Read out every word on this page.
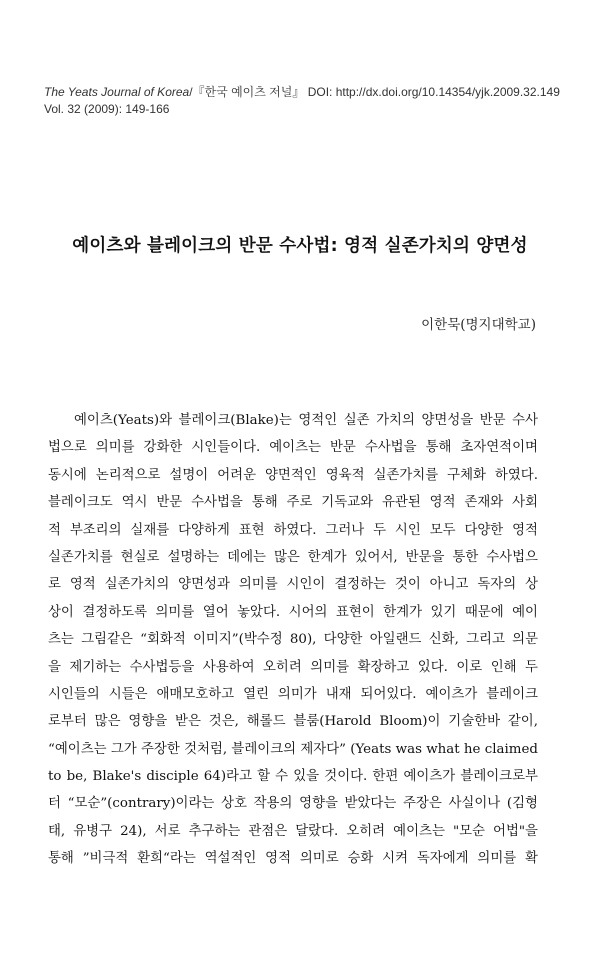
The Yeats Journal of Korea/『한국 예이츠 저널』 DOI: http://dx.doi.org/10.14354/yjk.2009.32.149
Vol. 32 (2009): 149-166
예이츠와 블레이크의 반문 수사법: 영적 실존가치의 양면성
이한묵(명지대학교)
예이츠(Yeats)와 블레이크(Blake)는 영적인 실존 가치의 양면성을 반문 수사
법으로 의미를 강화한 시인들이다. 예이츠는 반문 수사법을 통해 초자연적이며
동시에 논리적으로 설명이 어려운 양면적인 영육적 실존가치를 구체화 하였다.
블레이크도 역시 반문 수사법을 통해 주로 기독교와 유관된 영적 존재와 사회
적 부조리의 실재를 다양하게 표현 하였다. 그러나 두 시인 모두 다양한 영적
실존가치를 현실로 설명하는 데에는 많은 한계가 있어서, 반문을 통한 수사법으
로 영적 실존가치의 양면성과 의미를 시인이 결정하는 것이 아니고 독자의 상
상이 결정하도록 의미를 열어 놓았다. 시어의 표현이 한계가 있기 때문에 예이
츠는 그림같은 “회화적 이미지”(박수정 80), 다양한 아일랜드 신화, 그리고 의문
을 제기하는 수사법등을 사용하여 오히려 의미를 확장하고 있다. 이로 인해 두
시인들의 시들은 애매모호하고 열린 의미가 내재 되어있다. 예이츠가 블레이크
로부터 많은 영향을 받은 것은, 해롤드 블룸(Harold Bloom)이 기술한바 같이,
“예이츠는 그가 주장한 것처럼, 블레이크의 제자다” (Yeats was what he claimed
to be, Blake's disciple 64)라고 할 수 있을 것이다. 한편 예이츠가 블레이크로부
터 “모순”(contrary)이라는 상호 작용의 영향을 받았다는 주장은 사실이나 (김형
태, 유병구 24), 서로 추구하는 관점은 달랐다. 오히려 예이츠는 "모순 어법"을
통해 ”비극적 환희“라는 역설적인 영적 의미로 승화 시켜 독자에게 의미를 확
